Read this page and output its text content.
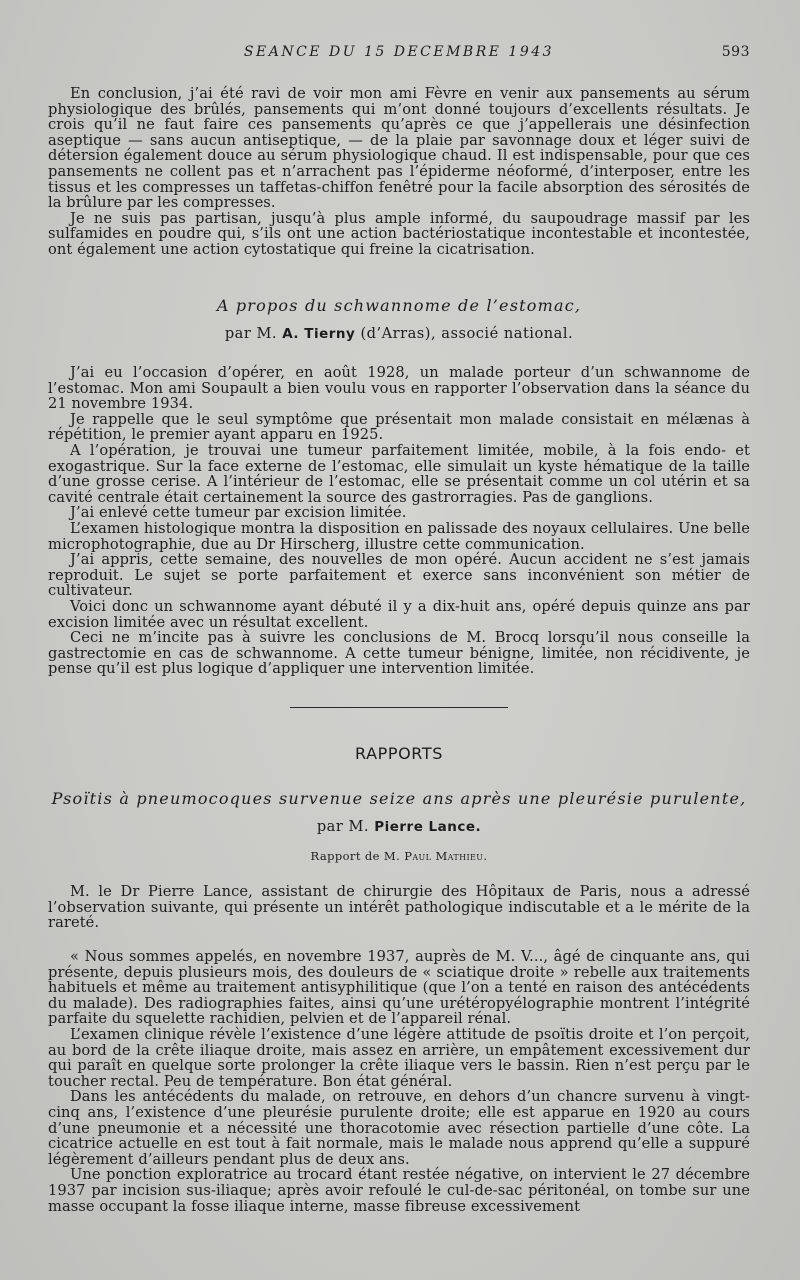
SEANCE DU 15 DECEMBRE 1943	593

En conclusion, j’ai été ravi de voir mon ami Fèvre en venir aux pansements au sérum physiologique des brûlés, pansements qui m’ont donné toujours d’excellents résultats. Je crois qu’il ne faut faire ces pansements qu’après ce que j’appellerais une désinfection aseptique — sans aucun antiseptique, — de la plaie par savonnage doux et léger suivi de détersion également douce au sérum physiologique chaud. Il est indispensable, pour que ces pansements ne collent pas et n’arrachent pas l’épiderme néoformé, d’interposer, entre les tissus et les compresses un taffetas-chiffon fenêtré pour la facile absorption des sérosités de la brûlure par les compresses.

Je ne suis pas partisan, jusqu’à plus ample informé, du saupoudrage massif par les sulfamides en poudre qui, s’ils ont une action bactériostatique incontestable et incontestée, ont également une action cytostatique qui freine la cicatrisation.

A propos du schwannome de l’estomac,
par M. A. Tierny (d’Arras), associé national.

J’ai eu l’occasion d’opérer, en août 1928, un malade porteur d’un schwannome de l’estomac. Mon ami Soupault a bien voulu vous en rapporter l’observation dans la séance du 21 novembre 1934.

Je rappelle que le seul symptôme que présentait mon malade consistait en mélænas à répétition, le premier ayant apparu en 1925.

A l’opération, je trouvai une tumeur parfaitement limitée, mobile, à la fois endo- et exogastrique. Sur la face externe de l’estomac, elle simulait un kyste hématique de la taille d’une grosse cerise. A l’intérieur de l’estomac, elle se présentait comme un col utérin et sa cavité centrale était certainement la source des gastrorragies. Pas de ganglions.

J’ai enlevé cette tumeur par excision limitée.

L’examen histologique montra la disposition en palissade des noyaux cellulaires. Une belle microphotographie, due au Dr Hirscherg, illustre cette communication.

J’ai appris, cette semaine, des nouvelles de mon opéré. Aucun accident ne s’est jamais reproduit. Le sujet se porte parfaitement et exerce sans inconvénient son métier de cultivateur.

Voici donc un schwannome ayant débuté il y a dix-huit ans, opéré depuis quinze ans par excision limitée avec un résultat excellent.

Ceci ne m’incite pas à suivre les conclusions de M. Brocq lorsqu’il nous conseille la gastrectomie en cas de schwannome. A cette tumeur bénigne, limitée, non récidivente, je pense qu’il est plus logique d’appliquer une intervention limitée.

RAPPORTS
Psoïtis à pneumocoques survenue seize ans après une pleurésie purulente,
par M. Pierre Lance.
Rapport de M. Paul Mathieu.

M. le Dr Pierre Lance, assistant de chirurgie des Hôpitaux de Paris, nous a adressé l’observation suivante, qui présente un intérêt pathologique indiscutable et a le mérite de la rareté.

« Nous sommes appelés, en novembre 1937, auprès de M. V..., âgé de cinquante ans, qui présente, depuis plusieurs mois, des douleurs de « sciatique droite » rebelle aux traitements habituels et même au traitement antisyphilitique (que l’on a tenté en raison des antécédents du malade). Des radiographies faites, ainsi qu’une urétéropyélographie montrent l’intégrité parfaite du squelette rachidien, pelvien et de l’appareil rénal.

L’examen clinique révèle l’existence d’une légère attitude de psoïtis droite et l’on perçoit, au bord de la crête iliaque droite, mais assez en arrière, un empâtement excessivement dur qui paraît en quelque sorte prolonger la crête iliaque vers le bassin. Rien n’est perçu par le toucher rectal. Peu de température. Bon état général.

Dans les antécédents du malade, on retrouve, en dehors d’un chancre survenu à vingt-cinq ans, l’existence d’une pleurésie purulente droite; elle est apparue en 1920 au cours d’une pneumonie et a nécessité une thoracotomie avec résection partielle d’une côte. La cicatrice actuelle en est tout à fait normale, mais le malade nous apprend qu’elle a suppuré légèrement d’ailleurs pendant plus de deux ans.

Une ponction exploratrice au trocard étant restée négative, on intervient le 27 décembre 1937 par incision sus-iliaque; après avoir refoulé le cul-de-sac péritonéal, on tombe sur une masse occupant la fosse iliaque interne, masse fibreuse excessivement
